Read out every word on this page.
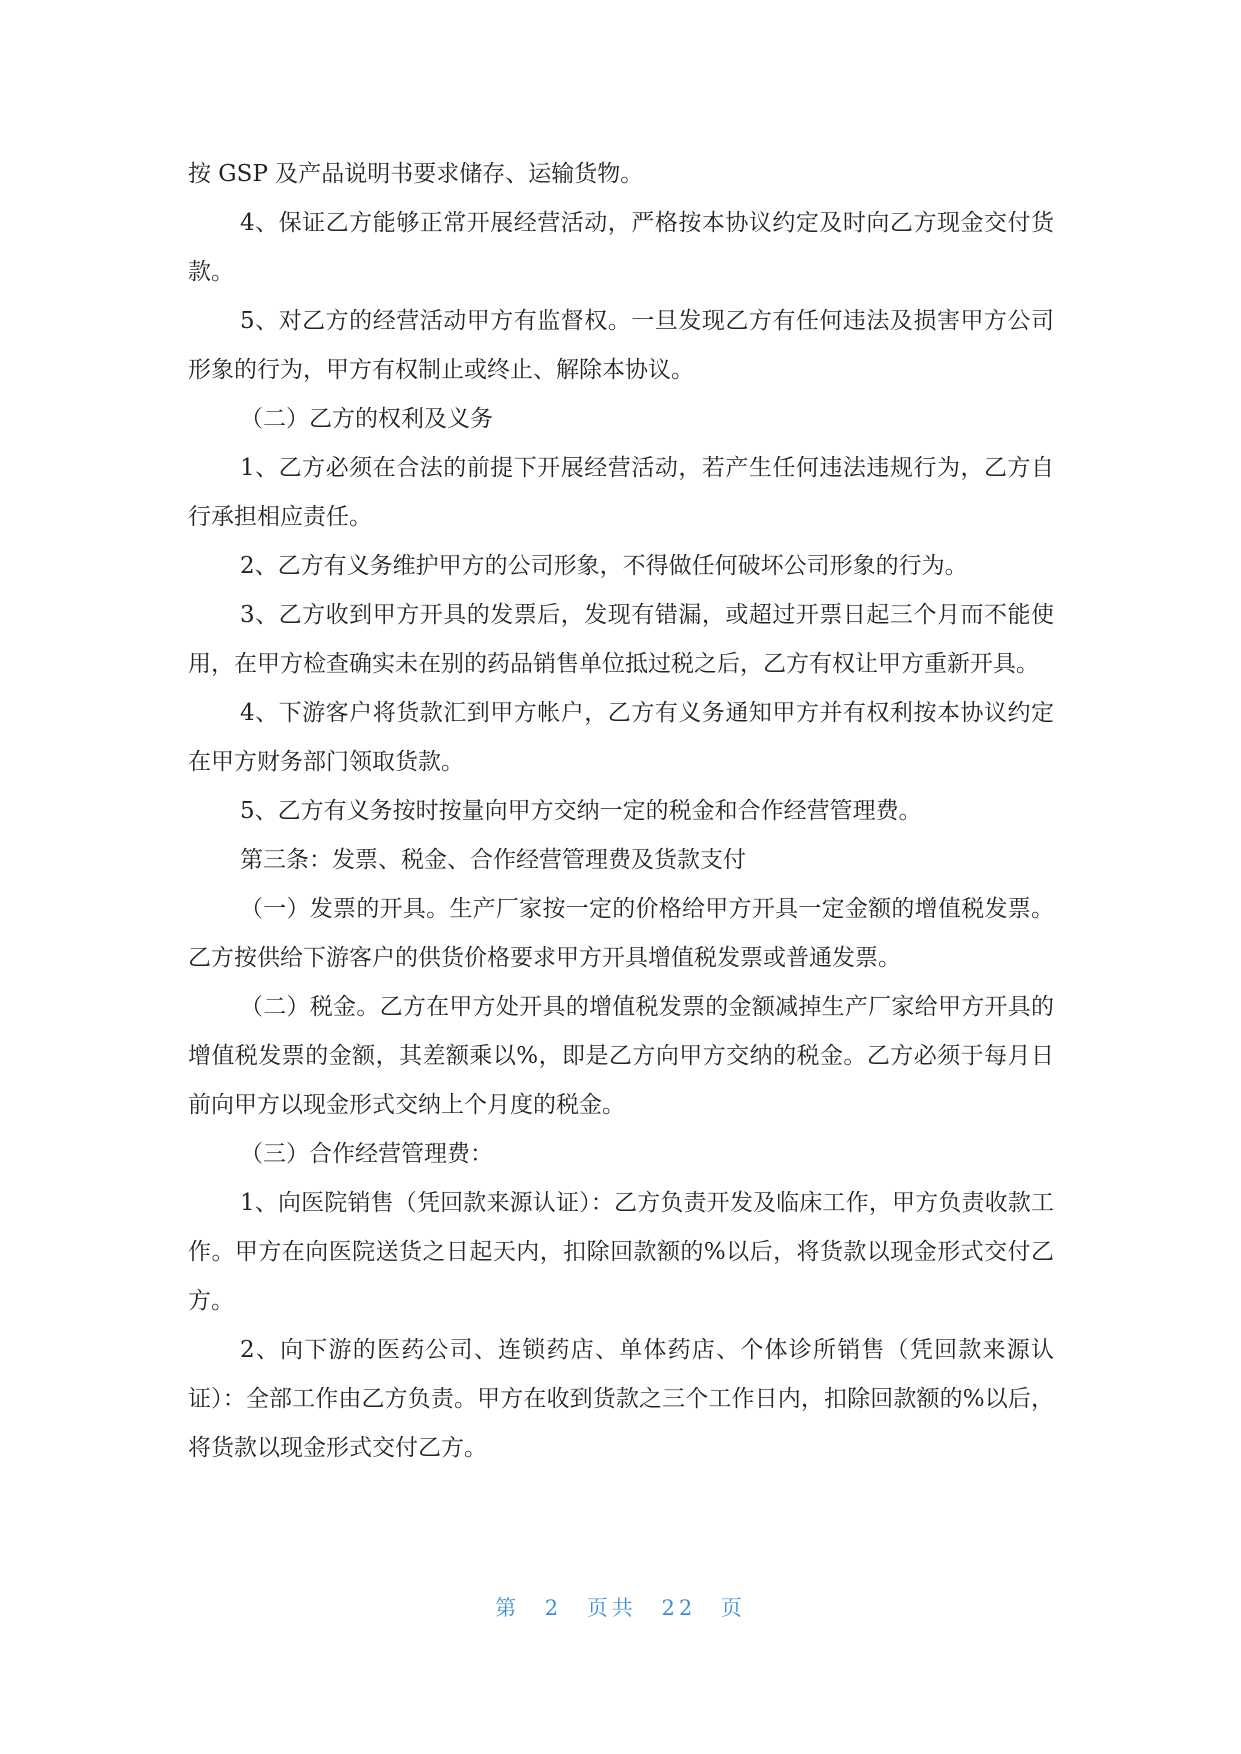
按 GSP 及产品说明书要求储存、运输货物。

4、保证乙方能够正常开展经营活动，严格按本协议约定及时向乙方现金交付货款。

5、对乙方的经营活动甲方有监督权。一旦发现乙方有任何违法及损害甲方公司形象的行为，甲方有权制止或终止、解除本协议。

（二）乙方的权利及义务

1、乙方必须在合法的前提下开展经营活动，若产生任何违法违规行为，乙方自行承担相应责任。

2、乙方有义务维护甲方的公司形象，不得做任何破坏公司形象的行为。

3、乙方收到甲方开具的发票后，发现有错漏，或超过开票日起三个月而不能使用，在甲方检查确实未在别的药品销售单位抵过税之后，乙方有权让甲方重新开具。

4、下游客户将货款汇到甲方帐户，乙方有义务通知甲方并有权利按本协议约定在甲方财务部门领取货款。

5、乙方有义务按时按量向甲方交纳一定的税金和合作经营管理费。

第三条：发票、税金、合作经营管理费及货款支付

（一）发票的开具。生产厂家按一定的价格给甲方开具一定金额的增值税发票。乙方按供给下游客户的供货价格要求甲方开具增值税发票或普通发票。

（二）税金。乙方在甲方处开具的增值税发票的金额减掉生产厂家给甲方开具的增值税发票的金额，其差额乘以%，即是乙方向甲方交纳的税金。乙方必须于每月日前向甲方以现金形式交纳上个月度的税金。

（三）合作经营管理费：

1、向医院销售（凭回款来源认证）：乙方负责开发及临床工作，甲方负责收款工作。甲方在向医院送货之日起天内，扣除回款额的%以后，将货款以现金形式交付乙方。

2、向下游的医药公司、连锁药店、单体药店、个体诊所销售（凭回款来源认证）：全部工作由乙方负责。甲方在收到货款之三个工作日内，扣除回款额的%以后，将货款以现金形式交付乙方。

第 2 页共 22 页
